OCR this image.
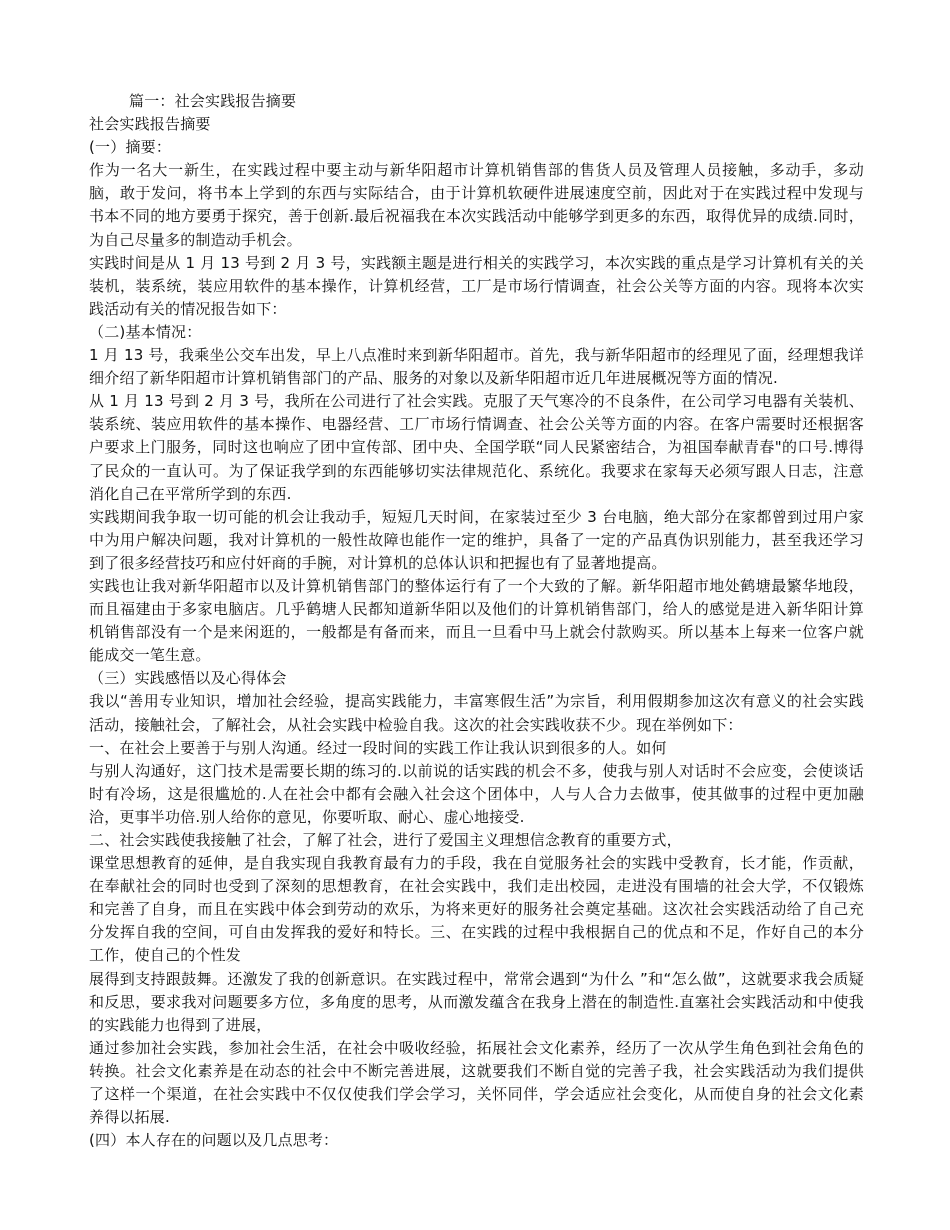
篇一：社会实践报告摘要

社会实践报告摘要

(一）摘要：

作为一名大一新生，在实践过程中要主动与新华阳超市计算机销售部的售货人员及管理人员接触，多动手，多动脑，敢于发问，将书本上学到的东西与实际结合，由于计算机软硬件进展速度空前，因此对于在实践过程中发现与书本不同的地方要勇于探究，善于创新.最后祝福我在本次实践活动中能够学到更多的东西，取得优异的成绩.同时，为自己尽量多的制造动手机会。

实践时间是从 1 月 13 号到 2 月 3 号，实践额主题是进行相关的实践学习，本次实践的重点是学习计算机有关的关装机，装系统，装应用软件的基本操作，计算机经营，工厂是市场行情调查，社会公关等方面的内容。现将本次实践活动有关的情况报告如下：

（二)基本情况：

1 月 13 号，我乘坐公交车出发，早上八点准时来到新华阳超市。首先，我与新华阳超市的经理见了面，经理想我详细介绍了新华阳超市计算机销售部门的产品、服务的对象以及新华阳超市近几年进展概况等方面的情况.

从 1 月 13 号到 2 月 3 号，我所在公司进行了社会实践。克服了天气寒冷的不良条件，在公司学习电器有关装机、装系统、装应用软件的基本操作、电器经营、工厂市场行情调查、社会公关等方面的内容。在客户需要时还根据客户要求上门服务，同时这也响应了团中宣传部、团中央、全国学联“同人民紧密结合，为祖国奉献青春"的口号.博得了民众的一直认可。为了保证我学到的东西能够切实法律规范化、系统化。我要求在家每天必须写跟人日志，注意消化自己在平常所学到的东西.

实践期间我争取一切可能的机会让我动手，短短几天时间，在家装过至少 3 台电脑，绝大部分在家都曾到过用户家中为用户解决问题，我对计算机的一般性故障也能作一定的维护，具备了一定的产品真伪识别能力，甚至我还学习到了很多经营技巧和应付奸商的手腕，对计算机的总体认识和把握也有了显著地提高。

实践也让我对新华阳超市以及计算机销售部门的整体运行有了一个大致的了解。新华阳超市地处鹤塘最繁华地段，而且福建由于多家电脑店。几乎鹤塘人民都知道新华阳以及他们的计算机销售部门，给人的感觉是进入新华阳计算机销售部没有一个是来闲逛的，一般都是有备而来，而且一旦看中马上就会付款购买。所以基本上每来一位客户就能成交一笔生意。

（三）实践感悟以及心得体会

我以“善用专业知识，增加社会经验，提高实践能力，丰富寒假生活”为宗旨，利用假期参加这次有意义的社会实践活动，接触社会，了解社会，从社会实践中检验自我。这次的社会实践收获不少。现在举例如下：

一、在社会上要善于与别人沟通。经过一段时间的实践工作让我认识到很多的人。如何

与别人沟通好，这门技术是需要长期的练习的.以前说的话实践的机会不多，使我与别人对话时不会应变，会使谈话时有冷场，这是很尴尬的.人在社会中都有会融入社会这个团体中，人与人合力去做事，使其做事的过程中更加融洽，更事半功倍.别人给你的意见，你要听取、耐心、虚心地接受.

二、社会实践使我接触了社会，了解了社会，进行了爱国主义理想信念教育的重要方式，

课堂思想教育的延伸，是自我实现自我教育最有力的手段，我在自觉服务社会的实践中受教育，长才能，作贡献，在奉献社会的同时也受到了深刻的思想教育，在社会实践中，我们走出校园，走进没有围墙的社会大学，不仅锻炼和完善了自身，而且在实践中体会到劳动的欢乐，为将来更好的服务社会奠定基础。这次社会实践活动给了自己充分发挥自我的空间，可自由发挥我的爱好和特长。三、在实践的过程中我根据自己的优点和不足，作好自己的本分工作，使自己的个性发

展得到支持跟鼓舞。还激发了我的创新意识。在实践过程中，常常会遇到“为什么 ”和“怎么做”，这就要求我会质疑和反思，要求我对问题要多方位，多角度的思考，从而激发蕴含在我身上潜在的制造性.直塞社会实践活动和中使我的实践能力也得到了进展，

通过参加社会实践，参加社会生活，在社会中吸收经验，拓展社会文化素养，经历了一次从学生角色到社会角色的转换。社会文化素养是在动态的社会中不断完善进展，这就要我们不断自觉的完善子我，社会实践活动为我们提供了这样一个渠道，在社会实践中不仅仅使我们学会学习，关怀同伴，学会适应社会变化，从而使自身的社会文化素养得以拓展.

(四）本人存在的问题以及几点思考：
